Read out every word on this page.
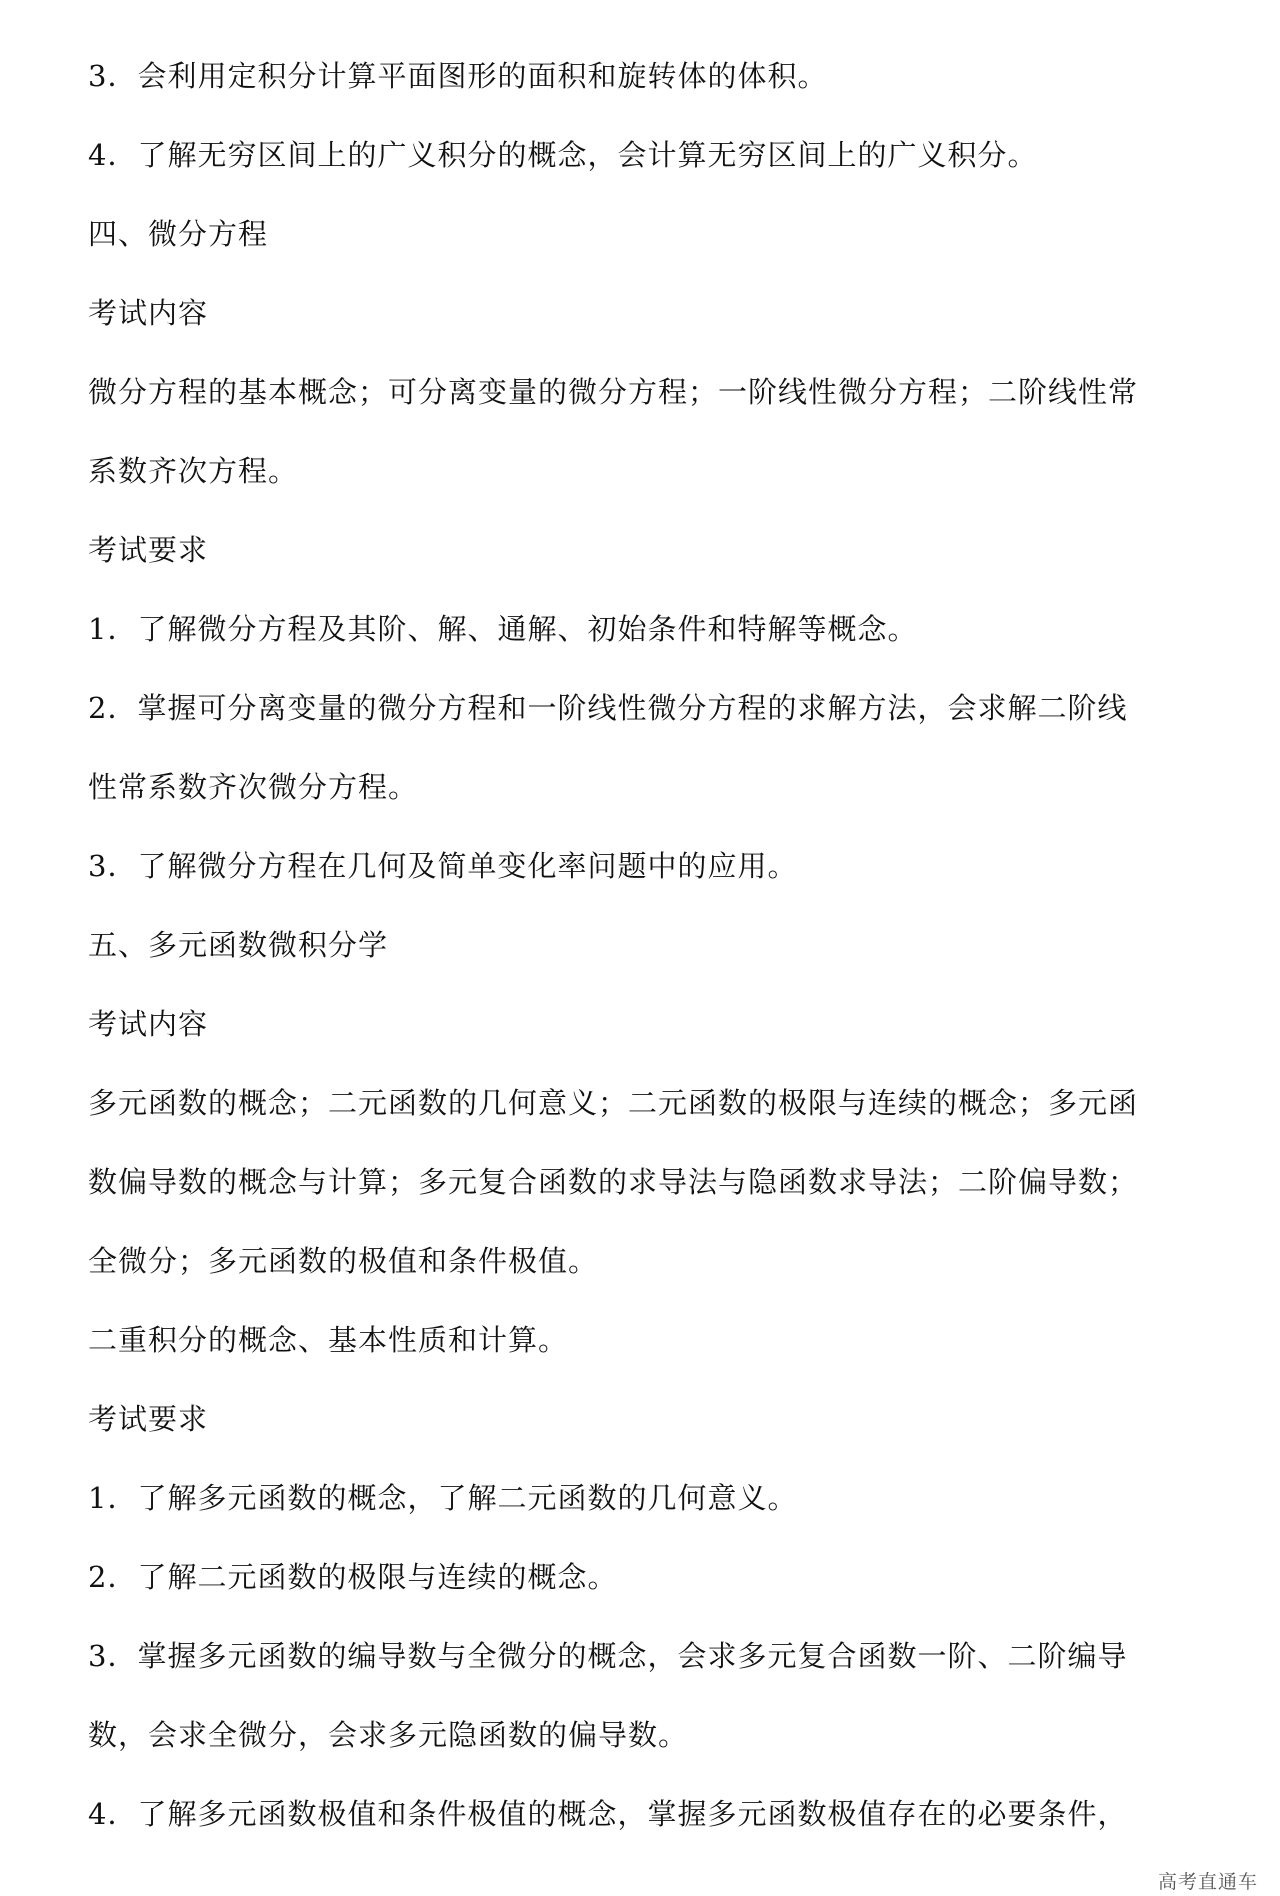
3．会利用定积分计算平面图形的面积和旋转体的体积。
4．了解无穷区间上的广义积分的概念，会计算无穷区间上的广义积分。
四、微分方程
考试内容
微分方程的基本概念；可分离变量的微分方程；一阶线性微分方程；二阶线性常
系数齐次方程。
考试要求
1．了解微分方程及其阶、解、通解、初始条件和特解等概念。
2．掌握可分离变量的微分方程和一阶线性微分方程的求解方法，会求解二阶线
性常系数齐次微分方程。
3．了解微分方程在几何及简单变化率问题中的应用。
五、多元函数微积分学
考试内容
多元函数的概念；二元函数的几何意义；二元函数的极限与连续的概念；多元函
数偏导数的概念与计算；多元复合函数的求导法与隐函数求导法；二阶偏导数；
全微分；多元函数的极值和条件极值。
二重积分的概念、基本性质和计算。
考试要求
1．了解多元函数的概念，了解二元函数的几何意义。
2．了解二元函数的极限与连续的概念。
3．掌握多元函数的编导数与全微分的概念，会求多元复合函数一阶、二阶编导
数，会求全微分，会求多元隐函数的偏导数。
4．了解多元函数极值和条件极值的概念，掌握多元函数极值存在的必要条件，
高考直通车
